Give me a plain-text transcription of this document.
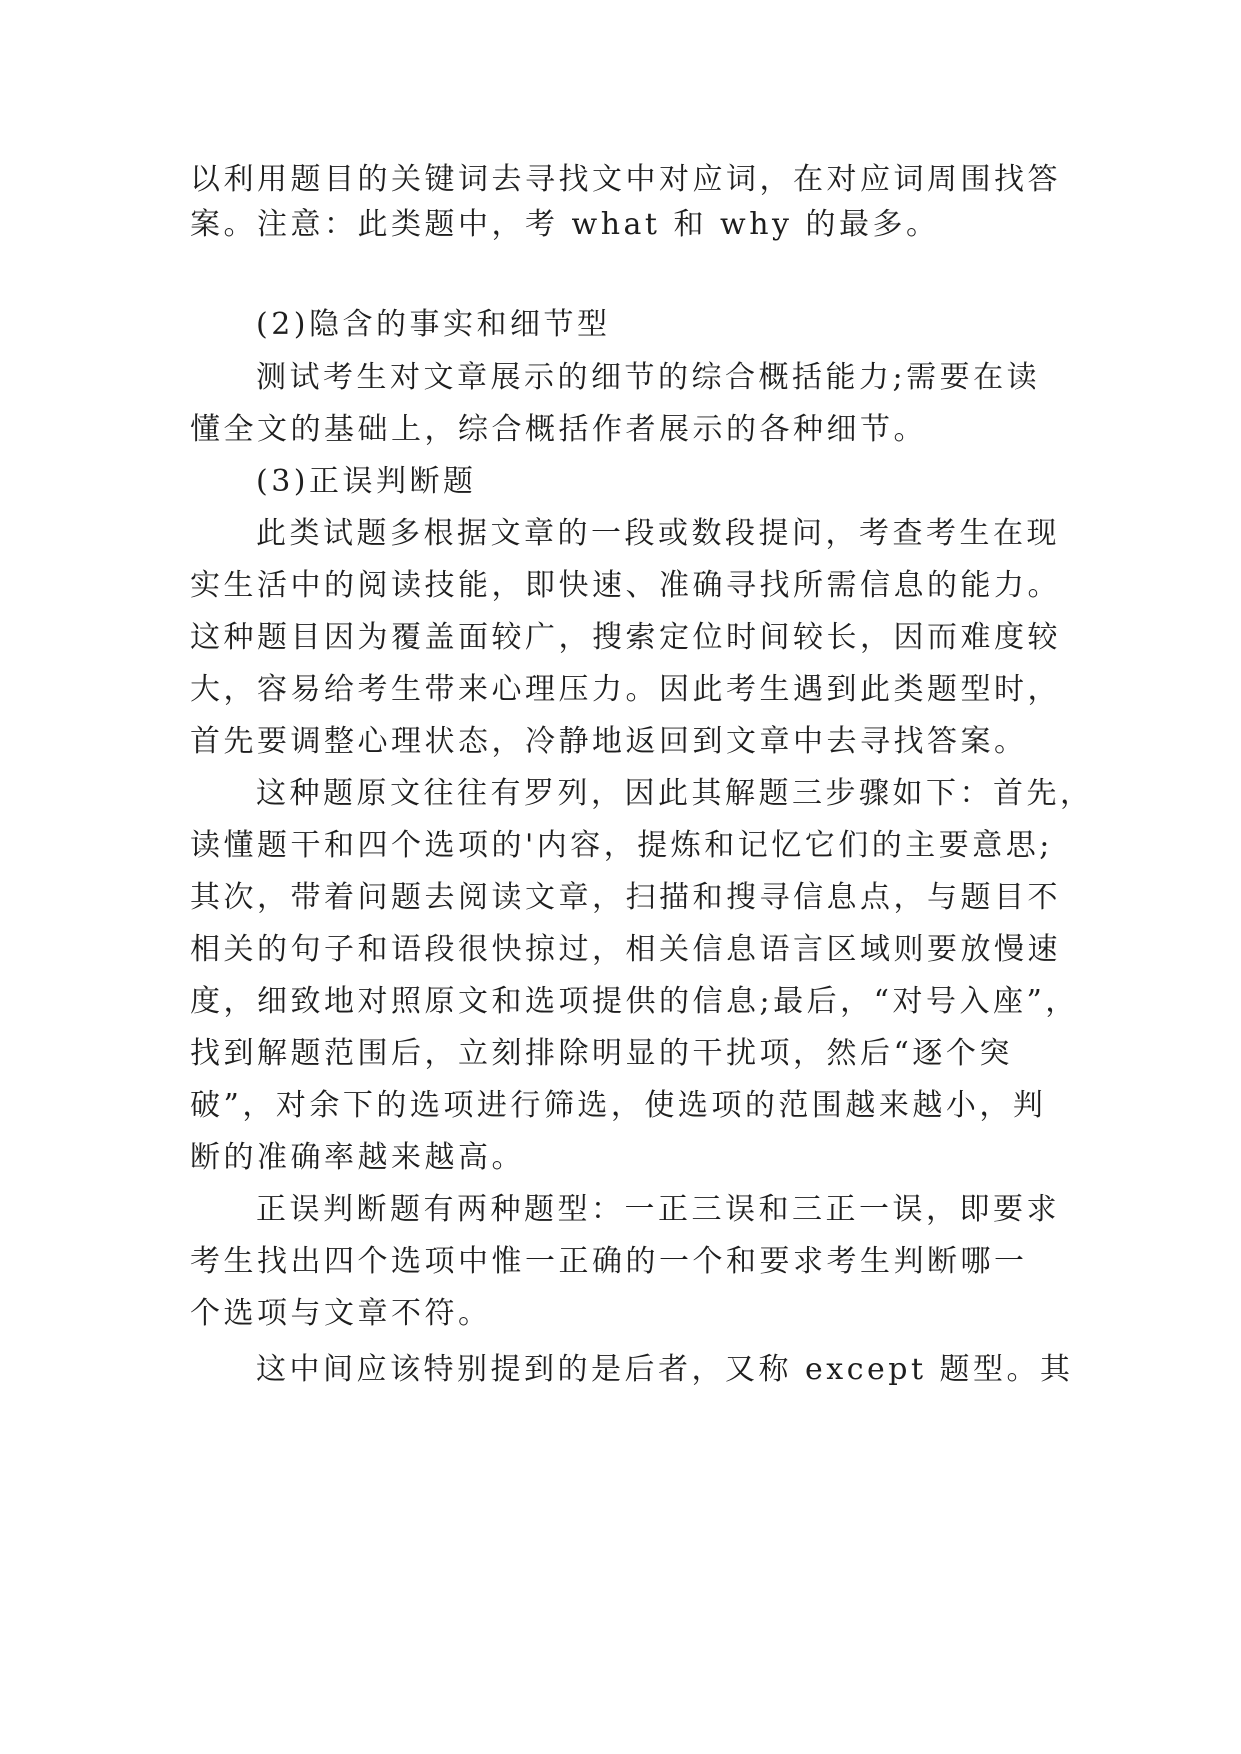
以利用题目的关键词去寻找文中对应词，在对应词周围找答
案。注意：此类题中，考 what 和 why 的最多。
(2)隐含的事实和细节型
测试考生对文章展示的细节的综合概括能力;需要在读
懂全文的基础上，综合概括作者展示的各种细节。
(3)正误判断题
此类试题多根据文章的一段或数段提问，考查考生在现
实生活中的阅读技能，即快速、准确寻找所需信息的能力。
这种题目因为覆盖面较广，搜索定位时间较长，因而难度较
大，容易给考生带来心理压力。因此考生遇到此类题型时，
首先要调整心理状态，冷静地返回到文章中去寻找答案。
这种题原文往往有罗列，因此其解题三步骤如下：首先，
读懂题干和四个选项的'内容，提炼和记忆它们的主要意思;
其次，带着问题去阅读文章，扫描和搜寻信息点，与题目不
相关的句子和语段很快掠过，相关信息语言区域则要放慢速
度，细致地对照原文和选项提供的信息;最后，“对号入座”，
找到解题范围后，立刻排除明显的干扰项，然后“逐个突
破”，对余下的选项进行筛选，使选项的范围越来越小，判
断的准确率越来越高。
正误判断题有两种题型：一正三误和三正一误，即要求
考生找出四个选项中惟一正确的一个和要求考生判断哪一
个选项与文章不符。
这中间应该特别提到的是后者，又称 except 题型。其
